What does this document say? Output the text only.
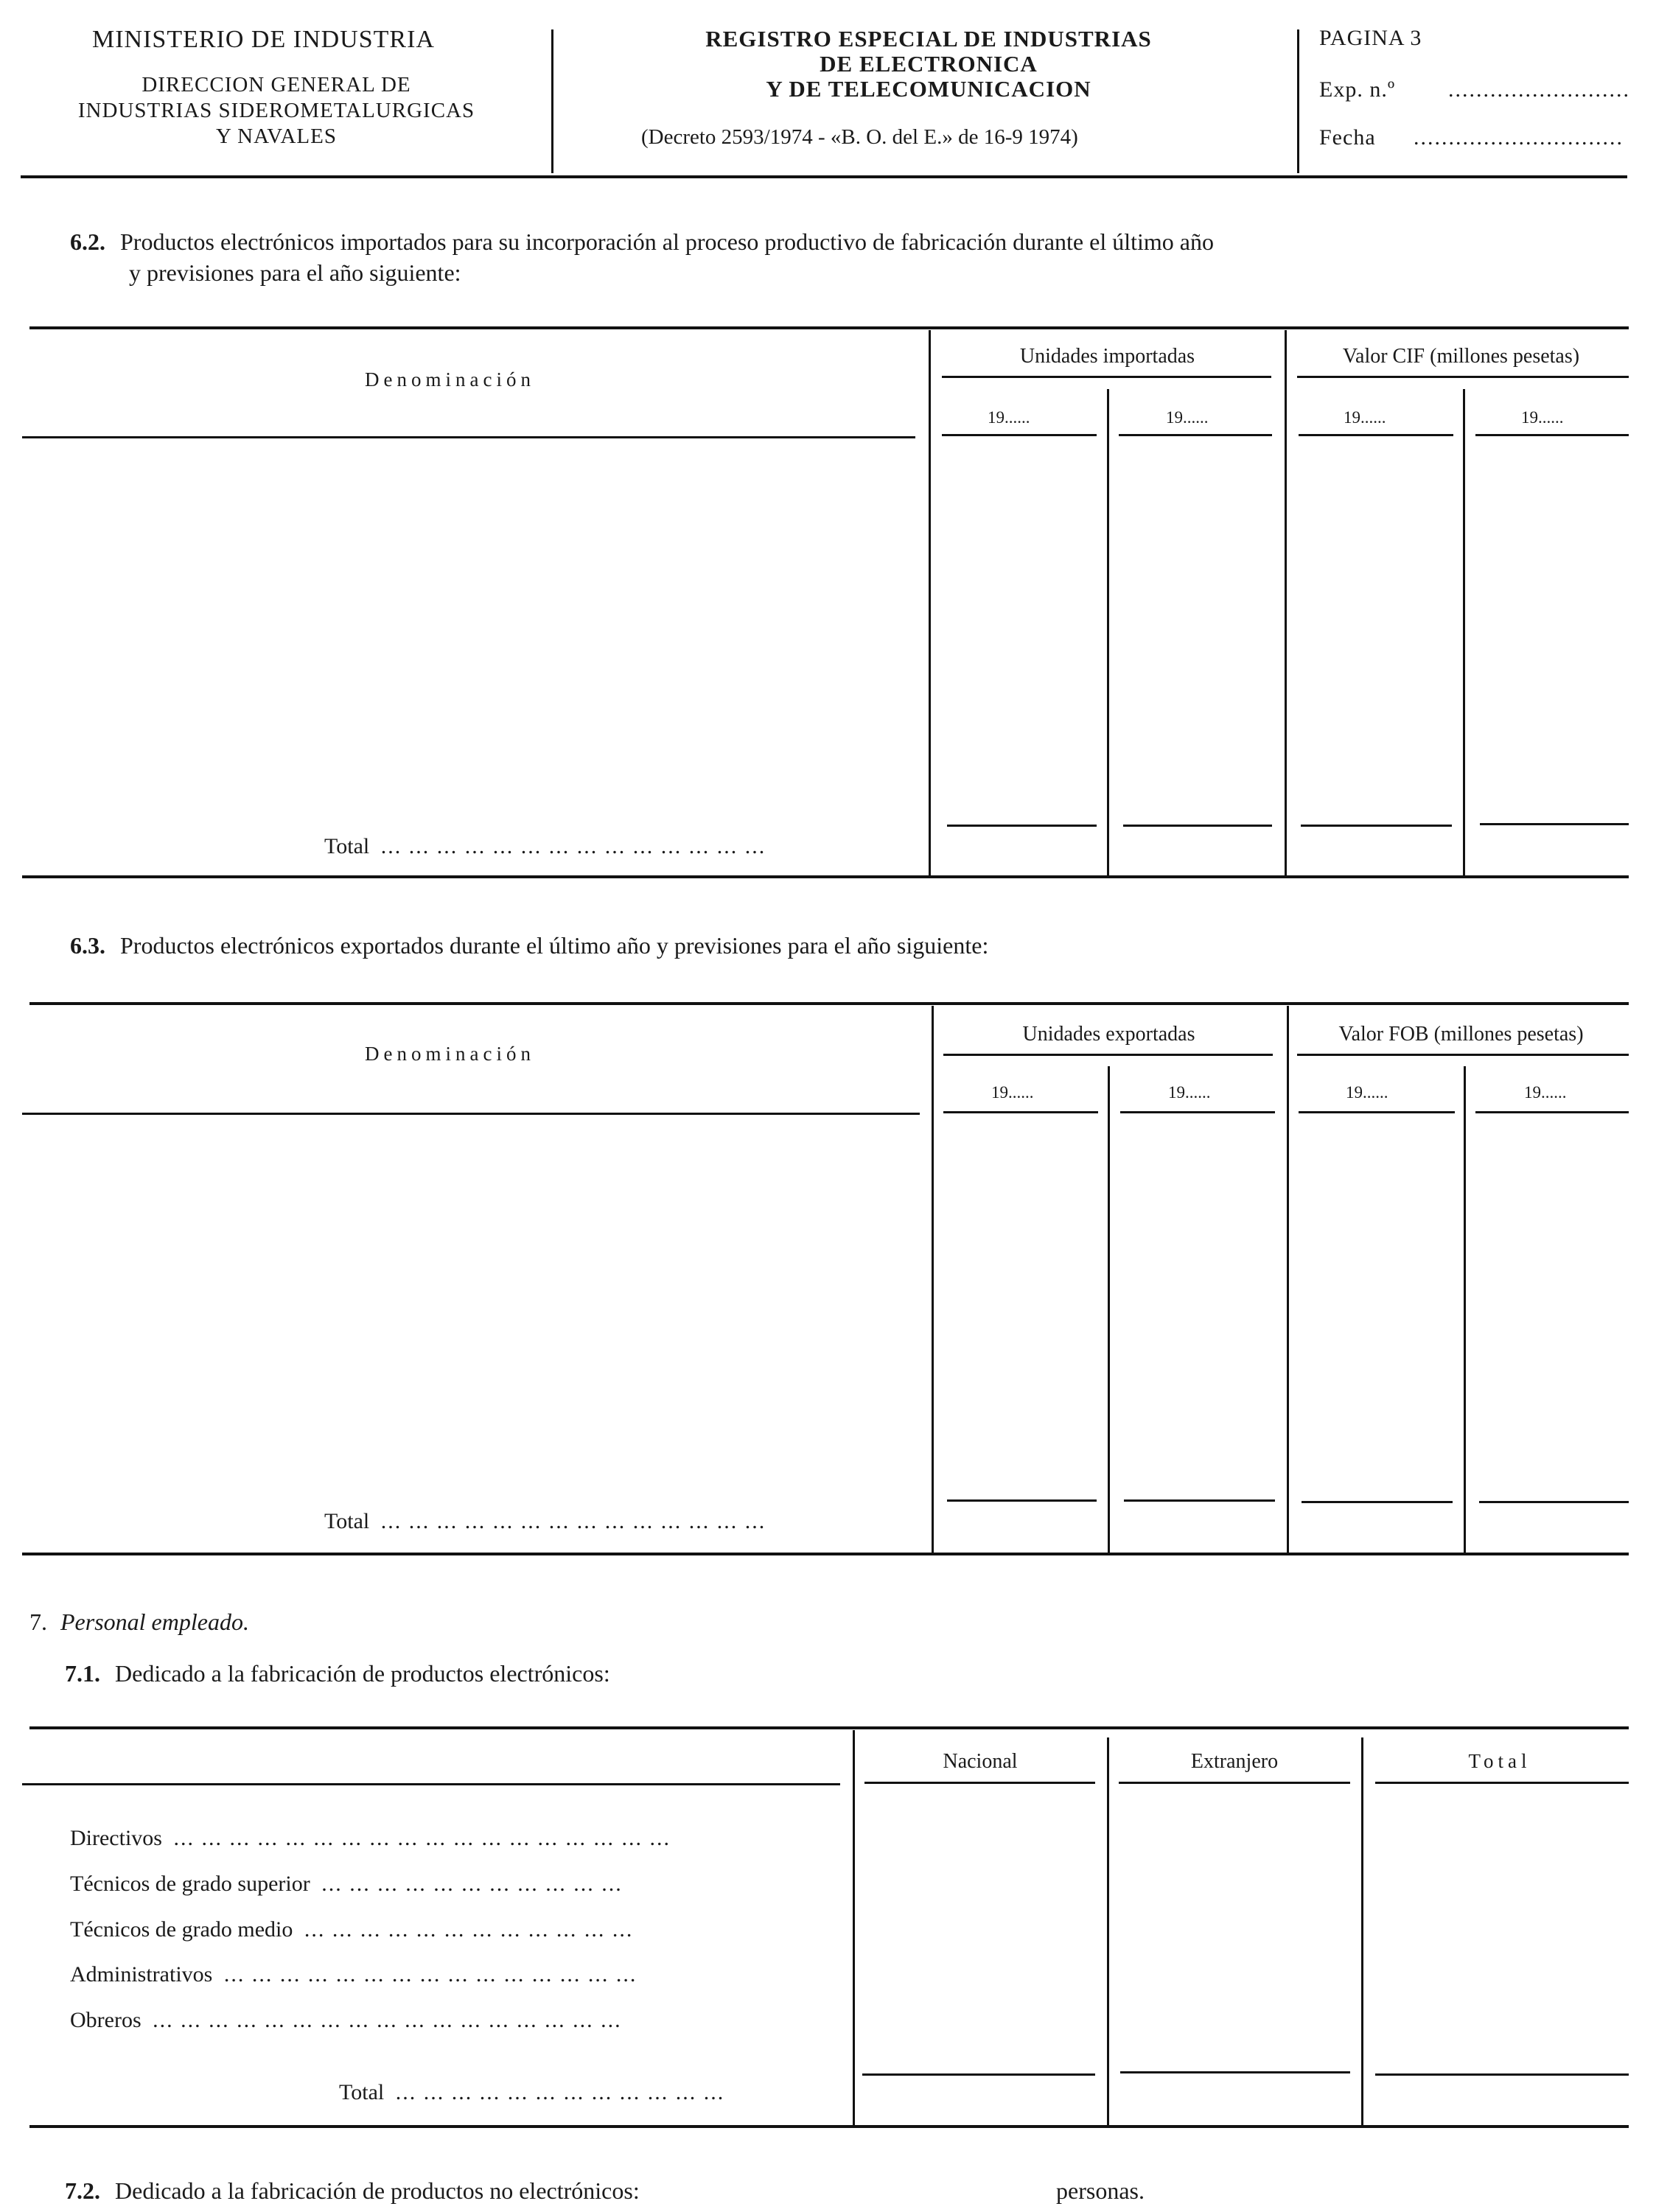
MINISTERIO DE INDUSTRIA
DIRECCION GENERAL DE
INDUSTRIAS SIDEROMETALURGICAS
Y NAVALES
REGISTRO ESPECIAL DE INDUSTRIAS
DE ELECTRONICA
Y DE TELECOMUNICACION
(Decreto 2593/1974 - «B. O. del E.» de 16-9 1974)
PAGINA 3
Exp. n.º ..........................
Fecha ..............................
6.2. Productos electrónicos importados para su incorporación al proceso productivo de fabricación durante el último año
y previsiones para el año siguiente:
Denominación
Unidades importadas	Valor CIF (millones pesetas)
19......	19......	19......	19......
Total ... ... ... ... ... ... ... ... ... ... ... ... ... ...
6.3. Productos electrónicos exportados durante el último año y previsiones para el año siguiente:
Denominación
Unidades exportadas	Valor FOB (millones pesetas)
19......	19......	19......	19......
Total ... ... ... ... ... ... ... ... ... ... ... ... ... ...
7. Personal empleado.
7.1. Dedicado a la fabricación de productos electrónicos:
Nacional	Extranjero	Total
Directivos ... ... ... ... ... ... ... ... ... ... ... ... ... ... ... ... ... ...
Técnicos de grado superior ... ... ... ... ... ... ... ... ... ... ...
Técnicos de grado medio ... ... ... ... ... ... ... ... ... ... ... ...
Administrativos ... ... ... ... ... ... ... ... ... ... ... ... ... ... ...
Obreros ... ... ... ... ... ... ... ... ... ... ... ... ... ... ... ... ...
Total ... ... ... ... ... ... ... ... ... ... ... ...
7.2. Dedicado a la fabricación de productos no electrónicos:	personas.
